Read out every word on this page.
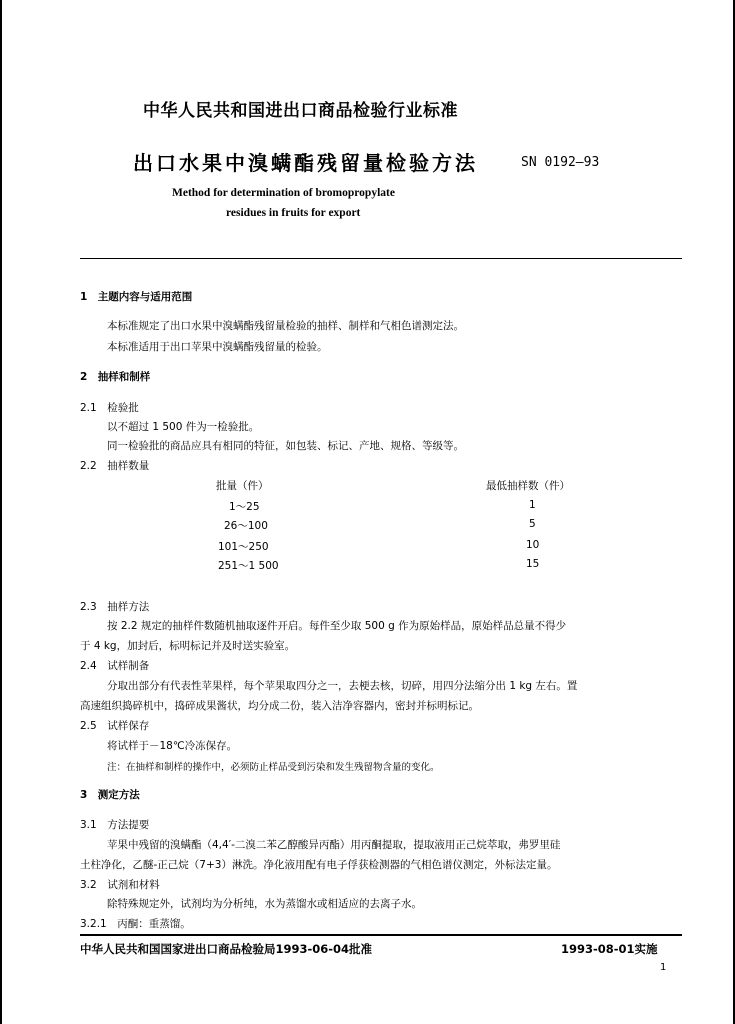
中华人民共和国进出口商品检验行业标准
出口水果中溴螨酯残留量检验方法	SN 0192—93
Method for determination of bromopropylate
residues in fruits for export
1　主题内容与适用范围
本标准规定了出口水果中溴螨酯残留量检验的抽样、制样和气相色谱测定法。
本标准适用于出口苹果中溴螨酯残留量的检验。
2　抽样和制样
2.1　检验批
以不超过 1 500 件为一检验批。
同一检验批的商品应具有相同的特征，如包装、标记、产地、规格、等级等。
2.2　抽样数量
批量（件）	最低抽样数（件）
1～25	1
26～100	5
101～250	10
251～1 500	15
2.3　抽样方法
按 2.2 规定的抽样件数随机抽取逐件开启。每件至少取 500 g 作为原始样品，原始样品总量不得少
于 4 kg，加封后，标明标记并及时送实验室。
2.4　试样制备
分取出部分有代表性苹果样，每个苹果取四分之一，去梗去核，切碎，用四分法缩分出 1 kg 左右。置
高速组织捣碎机中，捣碎成果酱状，均分成二份，装入洁净容器内，密封并标明标记。
2.5　试样保存
将试样于－18℃冷冻保存。
注：在抽样和制样的操作中，必须防止样品受到污染和发生残留物含量的变化。
3　测定方法
3.1　方法提要
苹果中残留的溴螨酯（4,4′-二溴二苯乙醇酸异丙酯）用丙酮提取，提取液用正己烷萃取，弗罗里硅
土柱净化，乙醚-正己烷（7+3）淋洗。净化液用配有电子俘获检测器的气相色谱仪测定，外标法定量。
3.2　试剂和材料
除特殊规定外，试剂均为分析纯，水为蒸馏水或相适应的去离子水。
3.2.1　丙酮：重蒸馏。
中华人民共和国国家进出口商品检验局1993-06-04批准	1993-08-01实施
1
